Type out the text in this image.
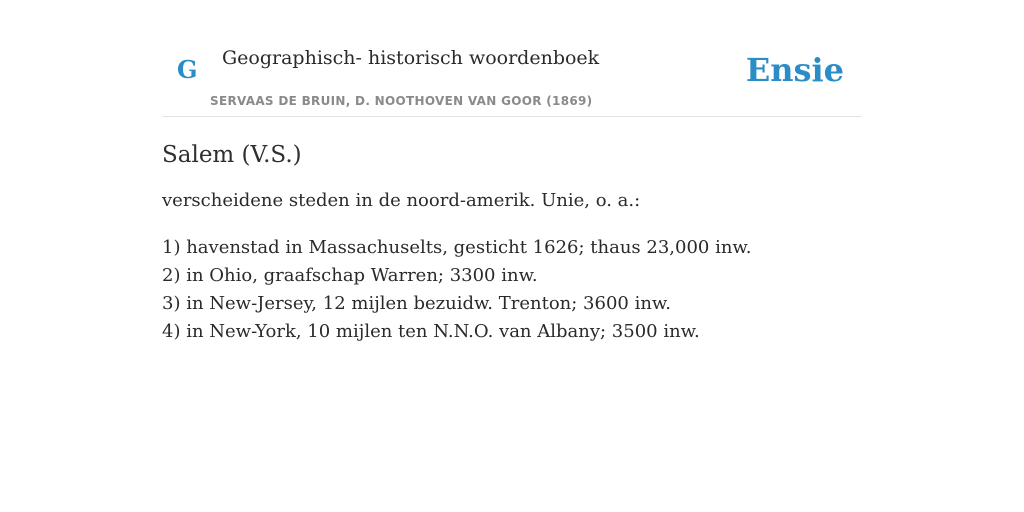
G Geographisch- historisch woordenboek
SERVAAS DE BRUIN, D. NOOTHOVEN VAN GOOR (1869)
Ensie
Salem (V.S.)

verscheidene steden in de noord-amerik. Unie, o. a.:

1) havenstad in Massachuselts, gesticht 1626; thaus 23,000 inw.
2) in Ohio, graafschap Warren; 3300 inw.
3) in New-Jersey, 12 mijlen bezuidw. Trenton; 3600 inw.
4) in New-York, 10 mijlen ten N.N.O. van Albany; 3500 inw.
